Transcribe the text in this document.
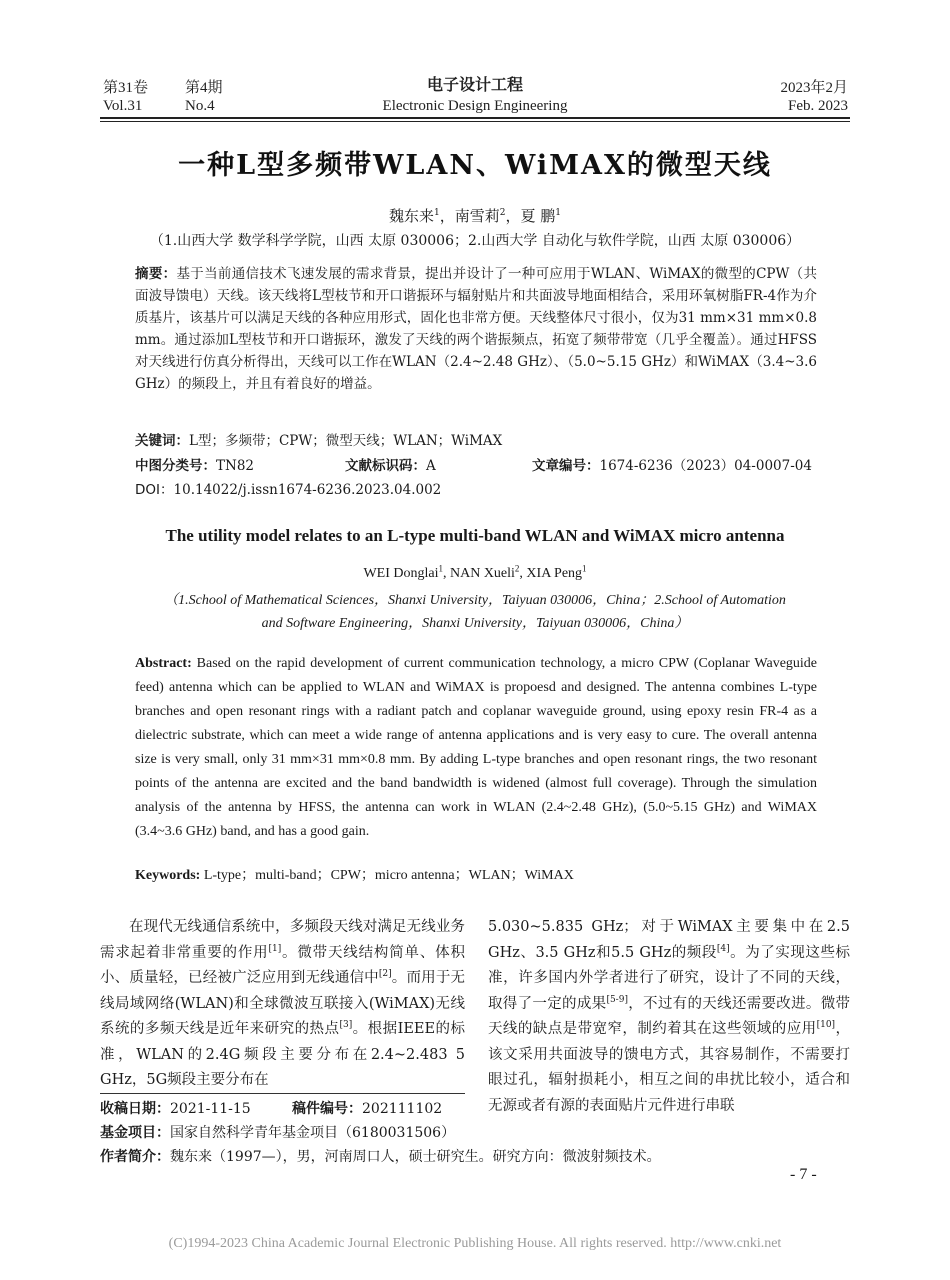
第31卷 第4期	电子设计工程	2023年2月
Vol.31	No.4	Electronic Design Engineering	Feb. 2023
一种L型多频带WLAN、WiMAX的微型天线
魏东来$^1$，南雪莉$^2$，夏 鹏$^1$
（1.山西大学 数学科学学院，山西 太原 030006；2.山西大学 自动化与软件学院，山西 太原 030006）
摘要：基于当前通信技术飞速发展的需求背景，提出并设计了一种可应用于WLAN、WiMAX的微型的CPW（共面波导馈电）天线。该天线将L型枝节和开口谐振环与辐射贴片和共面波导地面相结合，采用环氧树脂FR-4作为介质基片，该基片可以满足天线的各种应用形式，固化也非常方便。天线整体尺寸很小，仅为31 mm×31 mm×0.8 mm。通过添加L型枝节和开口谐振环，激发了天线的两个谐振频点，拓宽了频带带宽（几乎全覆盖）。通过HFSS对天线进行仿真分析得出，天线可以工作在WLAN（2.4~2.48 GHz）、（5.0~5.15 GHz）和WiMAX（3.4~3.6 GHz）的频段上，并且有着良好的增益。
关键词：L型；多频带；CPW；微型天线；WLAN；WiMAX
中图分类号：TN82	文献标识码：A	文章编号：1674-6236（2023）04-0007-04
DOI：10.14022/j.issn1674-6236.2023.04.002
The utility model relates to an L-type multi-band WLAN and WiMAX micro antenna
WEI Donglai$^1$, NAN Xueli$^2$, XIA Peng$^1$
（1.School of Mathematical Sciences，Shanxi University，Taiyuan 030006，China；2.School of Automation
and Software Engineering，Shanxi University，Taiyuan 030006，China）
Abstract: Based on the rapid development of current communication technology, a micro CPW (Coplanar Waveguide feed) antenna which can be applied to WLAN and WiMAX is propoesd and designed. The antenna combines L-type branches and open resonant rings with a radiant patch and coplanar waveguide ground, using epoxy resin FR-4 as a dielectric substrate, which can meet a wide range of antenna applications and is very easy to cure. The overall antenna size is very small, only 31 mm×31 mm×0.8 mm. By adding L-type branches and open resonant rings, the two resonant points of the antenna are excited and the band bandwidth is widened (almost full coverage). Through the simulation analysis of the antenna by HFSS, the antenna can work in WLAN (2.4~2.48 GHz), (5.0~5.15 GHz) and WiMAX (3.4~3.6 GHz) band, and has a good gain.
Keywords: L-type；multi-band；CPW；micro antenna；WLAN；WiMAX
在现代无线通信系统中，多频段天线对满足无线业务需求起着非常重要的作用[1]。微带天线结构简单、体积小、质量轻，已经被广泛应用到无线通信中[2]。而用于无线局域网络(WLAN)和全球微波互联接入(WiMAX)无线系统的多频天线是近年来研究的热点[3]。根据IEEE的标准，WLAN的2.4G频段主要分布在2.4~2.483 5 GHz，5G频段主要分布在
5.030~5.835 GHz；对于WiMAX主要集中在2.5 GHz、3.5 GHz和5.5 GHz的频段[4]。为了实现这些标准，许多国内外学者进行了研究，设计了不同的天线，取得了一定的成果[5-9]，不过有的天线还需要改进。微带天线的缺点是带宽窄，制约着其在这些领域的应用[10]，该文采用共面波导的馈电方式，其容易制作，不需要打眼过孔，辐射损耗小，相互之间的串扰比较小，适合和无源或者有源的表面贴片元件进行串联
收稿日期：2021-11-15	稿件编号：202111102
基金项目：国家自然科学青年基金项目（6180031506）
作者简介：魏东来（1997—），男，河南周口人，硕士研究生。研究方向：微波射频技术。
- 7 -
(C)1994-2023 China Academic Journal Electronic Publishing House. All rights reserved. http://www.cnki.net
